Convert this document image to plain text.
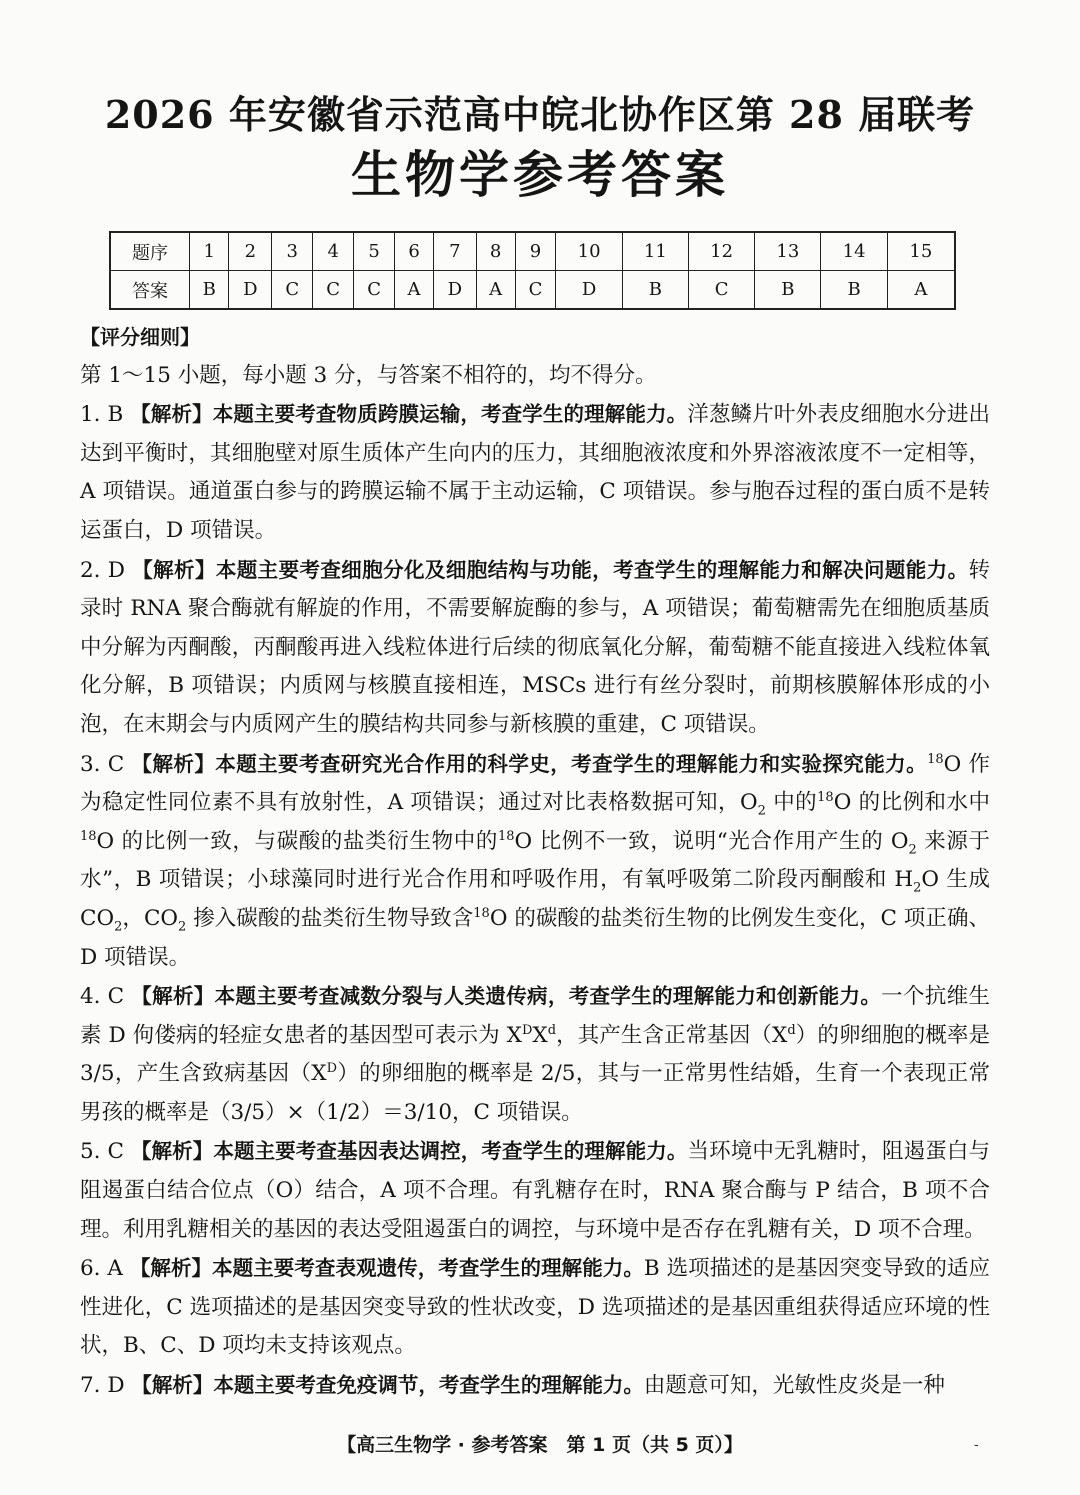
2026 年安徽省示范高中皖北协作区第 28 届联考
生物学参考答案
题序	1	2	3	4	5	6	7	8	9	10	11	12	13	14	15
答案	B	D	C	C	C	A	D	A	C	D	B	C	B	B	A

【评分细则】

第 1～15 小题，每小题 3 分，与答案不相符的，均不得分。

1. B 【解析】本题主要考查物质跨膜运输，考查学生的理解能力。洋葱鳞片叶外表皮细胞水分进出达到平衡时，其细胞壁对原生质体产生向内的压力，其细胞液浓度和外界溶液浓度不一定相等，A 项错误。通道蛋白参与的跨膜运输不属于主动运输，C 项错误。参与胞吞过程的蛋白质不是转运蛋白，D 项错误。

2. D 【解析】本题主要考查细胞分化及细胞结构与功能，考查学生的理解能力和解决问题能力。转录时 RNA 聚合酶就有解旋的作用，不需要解旋酶的参与，A 项错误；葡萄糖需先在细胞质基质中分解为丙酮酸，丙酮酸再进入线粒体进行后续的彻底氧化分解，葡萄糖不能直接进入线粒体氧化分解，B 项错误；内质网与核膜直接相连，MSCs 进行有丝分裂时，前期核膜解体形成的小泡，在末期会与内质网产生的膜结构共同参与新核膜的重建，C 项错误。

3. C 【解析】本题主要考查研究光合作用的科学史，考查学生的理解能力和实验探究能力。$^{18}$O 作为稳定性同位素不具有放射性，A 项错误；通过对比表格数据可知，$O_2$ 中的$^{18}$O 的比例和水中$^{18}$O 的比例一致，与碳酸的盐类衍生物中的$^{18}$O 比例不一致，说明“光合作用产生的 $O_2$ 来源于水”，B 项错误；小球藻同时进行光合作用和呼吸作用，有氧呼吸第二阶段丙酮酸和 $H_2O$ 生成 $CO_2$，$CO_2$ 掺入碳酸的盐类衍生物导致含$^{18}$O 的碳酸的盐类衍生物的比例发生变化，C 项正确、D 项错误。

4. C 【解析】本题主要考查减数分裂与人类遗传病，考查学生的理解能力和创新能力。一个抗维生素 D 佝偻病的轻症女患者的基因型可表示为 $X^DX^d$，其产生含正常基因$(X^d)$的卵细胞的概率是 3/5，产生含致病基因$(X^D)$的卵细胞的概率是 2/5，其与一正常男性结婚，生育一个表现正常男孩的概率是（3/5）×（1/2）＝3/10，C 项错误。

5. C 【解析】本题主要考查基因表达调控，考查学生的理解能力。当环境中无乳糖时，阻遏蛋白与阻遏蛋白结合位点（O）结合，A 项不合理。有乳糖存在时，RNA 聚合酶与 P 结合，B 项不合理。利用乳糖相关的基因的表达受阻遏蛋白的调控，与环境中是否存在乳糖有关，D 项不合理。

6. A 【解析】本题主要考查表观遗传，考查学生的理解能力。B 选项描述的是基因突变导致的适应性进化，C 选项描述的是基因突变导致的性状改变，D 选项描述的是基因重组获得适应环境的性状，B、C、D 项均未支持该观点。

7. D 【解析】本题主要考查免疫调节，考查学生的理解能力。由题意可知，光敏性皮炎是一种

【高三生物学 · 参考答案　第 1 页（共 5 页）】	-
